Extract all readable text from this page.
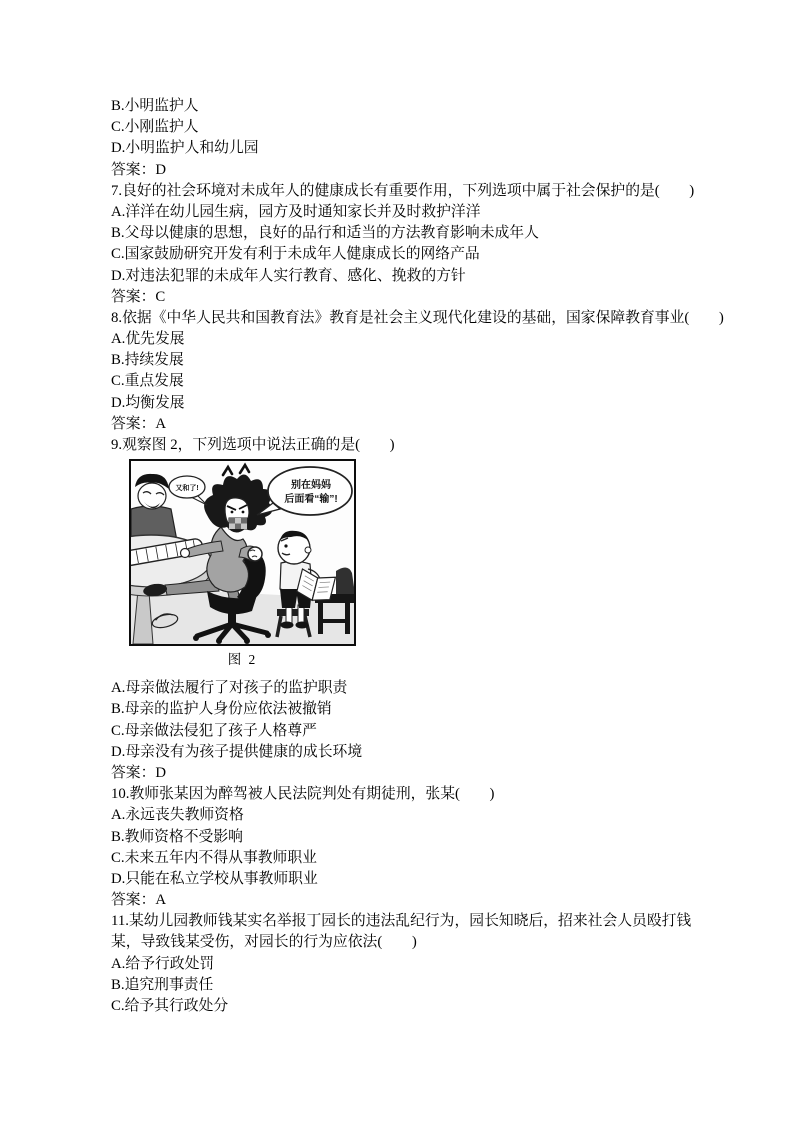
B.小明监护人
C.小刚监护人
D.小明监护人和幼儿园
答案：D
7.良好的社会环境对未成年人的健康成长有重要作用，下列选项中属于社会保护的是(　　)
A.洋洋在幼儿园生病，园方及时通知家长并及时救护洋洋
B.父母以健康的思想，良好的品行和适当的方法教育影响未成年人
C.国家鼓励研究开发有利于未成年人健康成长的网络产品
D.对违法犯罪的未成年人实行教育、感化、挽救的方针
答案：C
8.依据《中华人民共和国教育法》教育是社会主义现代化建设的基础，国家保障教育事业(　　)
A.优先发展
B.持续发展
C.重点发展
D.均衡发展
答案：A
9.观察图 2，下列选项中说法正确的是(　　)
又和了!	别在妈妈
后面看“输”!
图 2
A.母亲做法履行了对孩子的监护职责
B.母亲的监护人身份应依法被撤销
C.母亲做法侵犯了孩子人格尊严
D.母亲没有为孩子提供健康的成长环境
答案：D
10.教师张某因为醉驾被人民法院判处有期徒刑，张某(　　)
A.永远丧失教师资格
B.教师资格不受影响
C.未来五年内不得从事教师职业
D.只能在私立学校从事教师职业
答案：A
11.某幼儿园教师钱某实名举报丁园长的违法乱纪行为，园长知晓后，招来社会人员殴打钱
某，导致钱某受伤，对园长的行为应依法(　　)
A.给予行政处罚
B.追究刑事责任
C.给予其行政处分
